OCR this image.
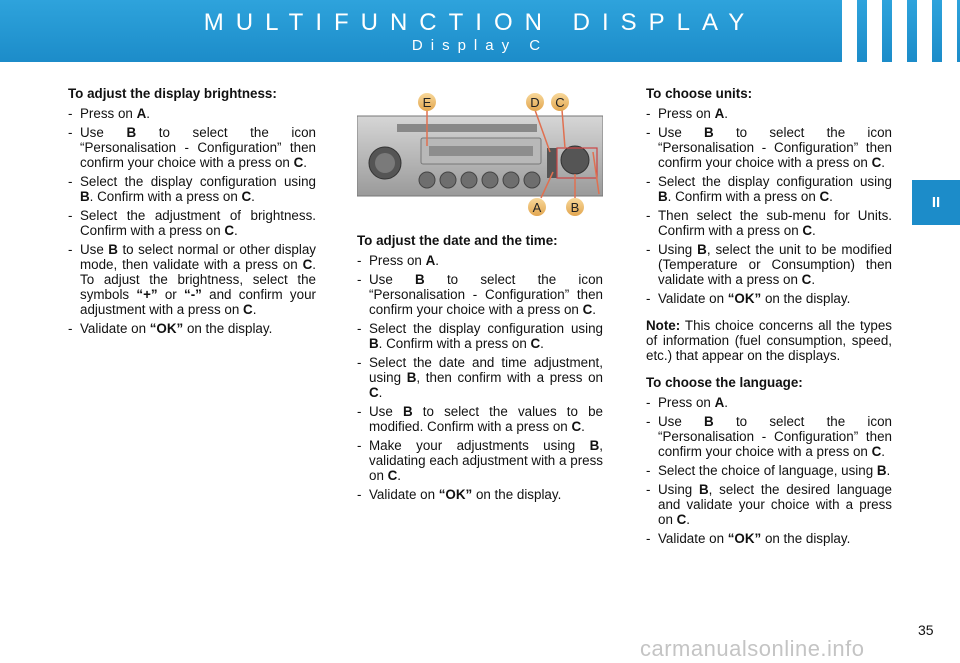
MULTIFUNCTION DISPLAY
Display C
II
To adjust the display brightness:
- Press on A.
- Use B to select the icon “Personalisation - Configuration” then confirm your choice with a press on C.
- Select the display configuration using B. Confirm with a press on C.
- Select the adjustment of brightness. Confirm with a press on C.
- Use B to select normal or other display mode, then validate with a press on C. To adjust the brightness, select the symbols “+” or “-” and confirm your adjustment with a press on C.
- Validate on “OK” on the display.
E	D C
A B
To adjust the date and the time:
- Press on A.
- Use B to select the icon “Personalisation - Configuration” then confirm your choice with a press on C.
- Select the display configuration using B. Confirm with a press on C.
- Select the date and time adjustment, using B, then confirm with a press on C.
- Use B to select the values to be modified. Confirm with a press on C.
- Make your adjustments using B, validating each adjustment with a press on C.
- Validate on “OK” on the display.
To choose units:
- Press on A.
- Use B to select the icon “Personalisation - Configuration” then confirm your choice with a press on C.
- Select the display configuration using B. Confirm with a press on C.
- Then select the sub-menu for Units. Confirm with a press on C.
- Using B, select the unit to be modified (Temperature or Consumption) then validate with a press on C.
- Validate on “OK” on the display.

Note: This choice concerns all the types of information (fuel consumption, speed, etc.) that appear on the displays.

To choose the language:
- Press on A.
- Use B to select the icon “Personalisation - Configuration” then confirm your choice with a press on C.
- Select the choice of language, using B.
- Using B, select the desired language and validate your choice with a press on C.
- Validate on “OK” on the display.
35
carmanualsonline.info
